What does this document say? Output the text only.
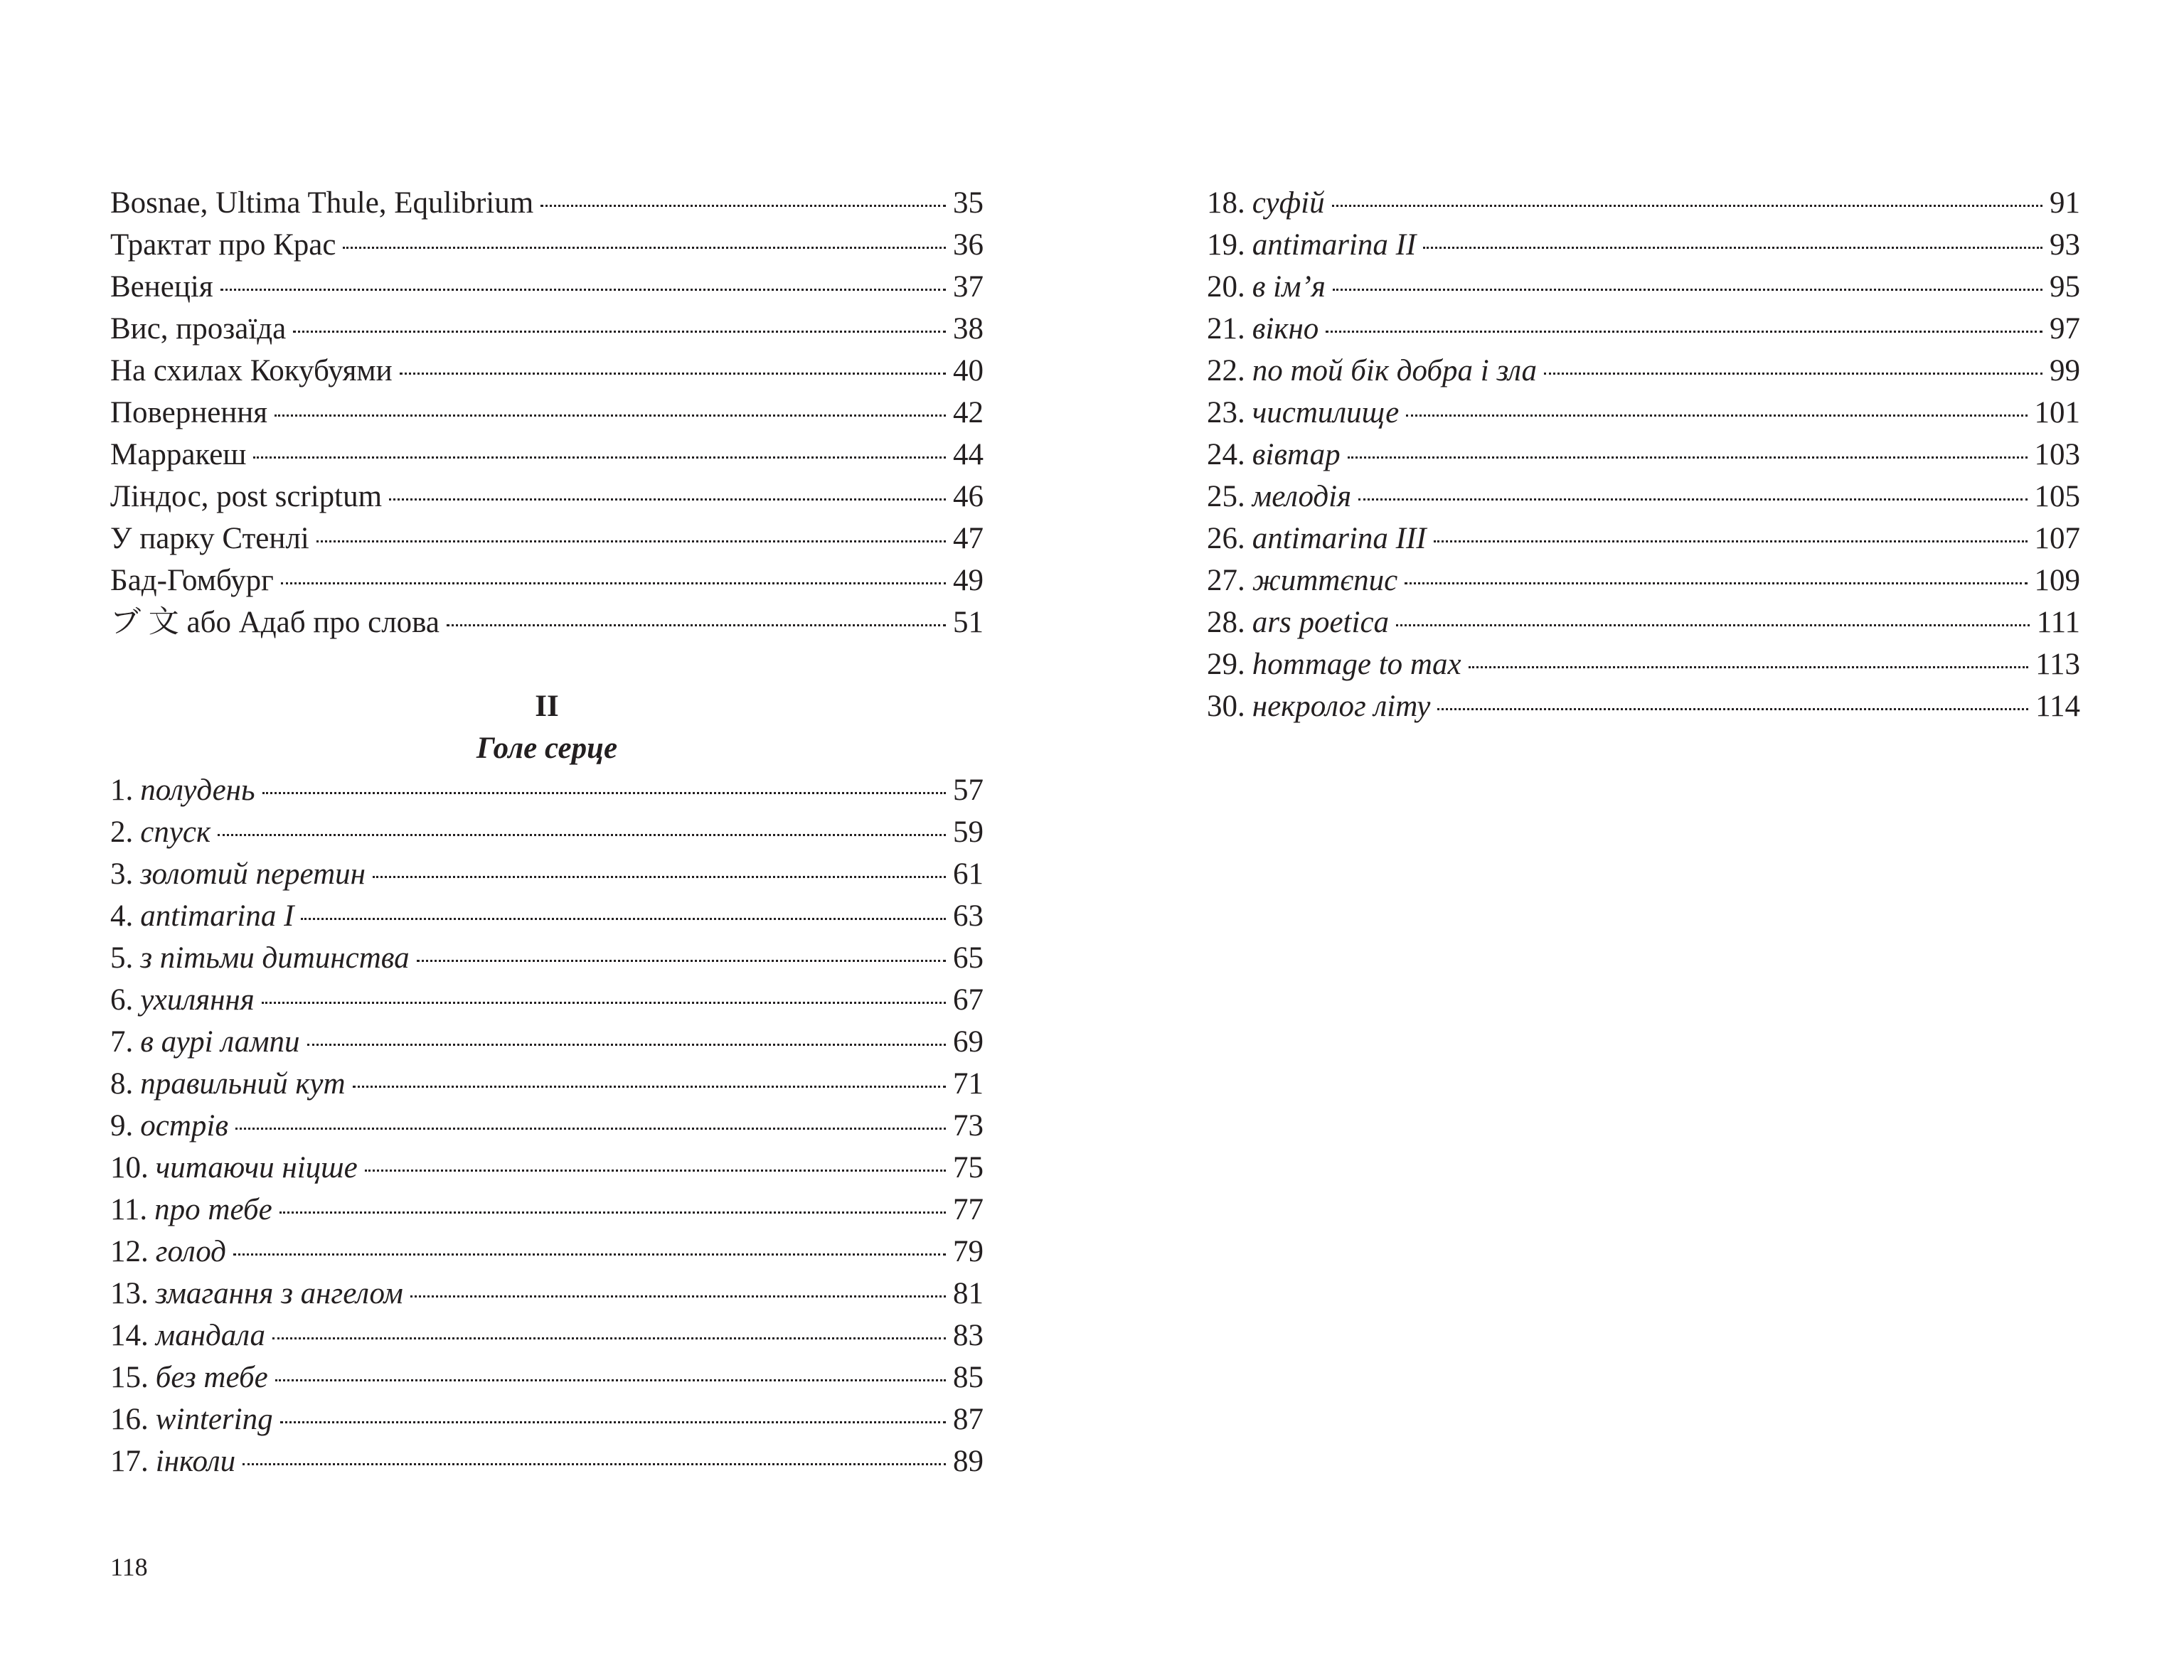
Bosnae, Ultima Thule, Equlibrium	35
Трактат про Крас	36
Венеція	37
Вис, прозаїда	38
На схилах Кокубуями	40
Повернення	42
Марракеш	44
Ліндос, post scriptum	46
У парку Стенлі	47
Бад-Гомбург	49
ブ 文 або Адаб про слова	51
II
Голе серце
1. полудень	57
2. спуск	59
3. золотий перетин	61
4. antimarina I	63
5. з пітьми дитинства	65
6. ухиляння	67
7. в аурі лампи	69
8. правильний кут	71
9. острів	73
10. читаючи ніцше	75
11. про тебе	77
12. голод	79
13. змагання з ангелом	81
14. мандала	83
15. без тебе	85
16. wintering	87
17. інколи	89
18. суфій	91
19. antimarina II	93
20. в ім’я	95
21. вікно	97
22. по той бік добра і зла	99
23. чистилище	101
24. вівтар	103
25. мелодія	105
26. antimarina III	107
27. життєпис	109
28. ars poetica	111
29. hommage to max	113
30. некролог літу	114
118
